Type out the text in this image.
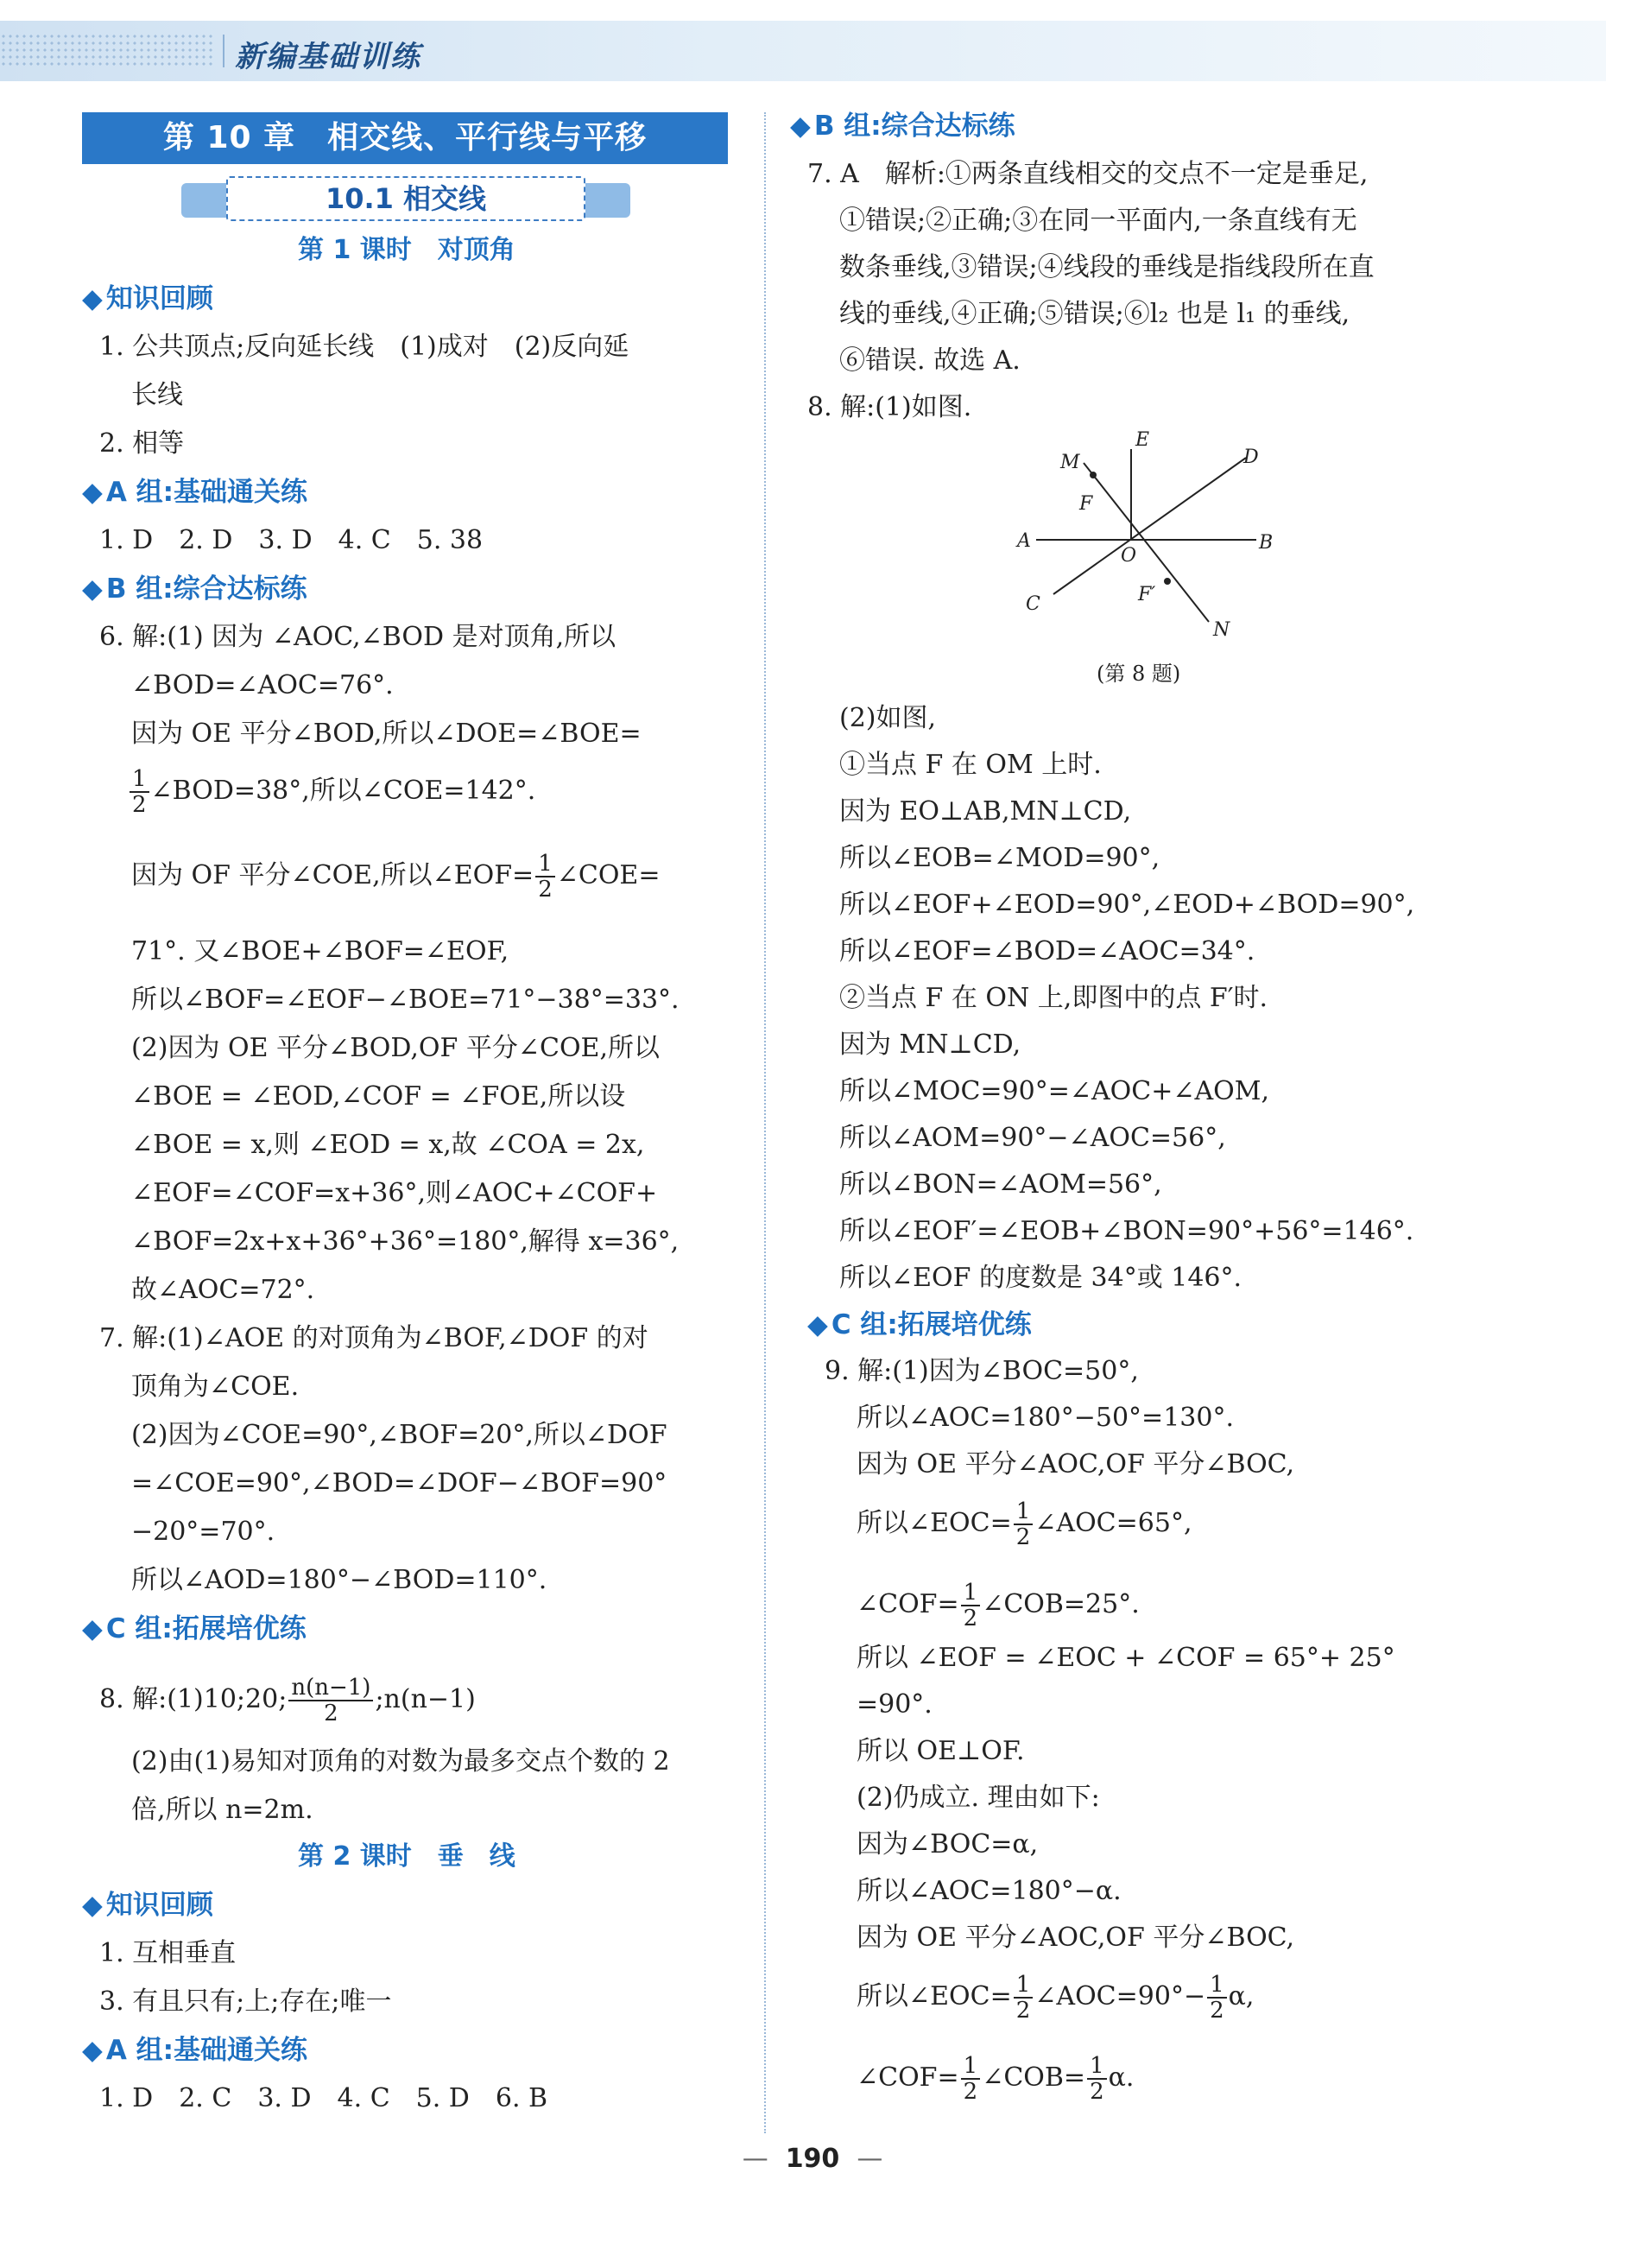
新编基础训练
第 10 章　相交线、平行线与平移
10.1 相交线
第 1 课时　对顶角
◆ 知识回顾
1. 公共顶点;反向延长线　(1)成对　(2)反向延
长线
2. 相等
◆ A 组:基础通关练
1. D　2. D　3. D　4. C　5. 38
◆ B 组:综合达标练
6. 解:(1) 因为 ∠AOC,∠BOD 是对顶角,所以
∠BOD=∠AOC=76°.
因为 OE 平分∠BOD,所以∠DOE=∠BOE=
$\frac{1}{2}$ ∠BOD=38°,所以∠COE=142°.
因为 OF 平分∠COE,所以∠EOF= $\frac{1}{2}$ ∠COE=
71°. 又∠BOE+∠BOF=∠EOF,
所以∠BOF=∠EOF−∠BOE=71°−38°=33°.
(2)因为 OE 平分∠BOD,OF 平分∠COE,所以
∠BOE = ∠EOD,∠COF = ∠FOE,所以设
∠BOE = x,则 ∠EOD = x,故 ∠COA = 2x,
∠EOF=∠COF=x+36°,则∠AOC+∠COF+
∠BOF=2x+x+36°+36°=180°,解得 x=36°,
故∠AOC=72°.
7. 解:(1)∠AOE 的对顶角为∠BOF,∠DOF 的对
顶角为∠COE.
(2)因为∠COE=90°,∠BOF=20°,所以∠DOF
=∠COE=90°,∠BOD=∠DOF−∠BOF=90°
−20°=70°.
所以∠AOD=180°−∠BOD=110°.
◆ C 组:拓展培优练
8. 解:(1)10;20; $\frac{n(n-1)}{2}$ ;n(n−1)
(2)由(1)易知对顶角的对数为最多交点个数的 2
倍,所以 n=2m.
第 2 课时　垂　线
◆ 知识回顾
1. 互相垂直
3. 有且只有;上;存在;唯一
◆ A 组:基础通关练
1. D　2. C　3. D　4. C　5. D　6. B
◆ B 组:综合达标练
7. A　解析:①两条直线相交的交点不一定是垂足,
①错误;②正确;③在同一平面内,一条直线有无
数条垂线,③错误;④线段的垂线是指线段所在直
线的垂线,④正确;⑤错误;⑥l₂ 也是 l₁ 的垂线,
⑥错误. 故选 A.
8. 解:(1)如图.
E
D
M
F
A
O
B
C	F′
N
(第 8 题)
(2)如图,
①当点 F 在 OM 上时.
因为 EO⊥AB,MN⊥CD,
所以∠EOB=∠MOD=90°,
所以∠EOF+∠EOD=90°,∠EOD+∠BOD=90°,
所以∠EOF=∠BOD=∠AOC=34°.
②当点 F 在 ON 上,即图中的点 F′时.
因为 MN⊥CD,
所以∠MOC=90°=∠AOC+∠AOM,
所以∠AOM=90°−∠AOC=56°,
所以∠BON=∠AOM=56°,
所以∠EOF′=∠EOB+∠BON=90°+56°=146°.
所以∠EOF 的度数是 34°或 146°.
◆ C 组:拓展培优练
9. 解:(1)因为∠BOC=50°,
所以∠AOC=180°−50°=130°.
因为 OE 平分∠AOC,OF 平分∠BOC,
所以∠EOC= $\frac{1}{2}$ ∠AOC=65°,
∠COF= $\frac{1}{2}$ ∠COB=25°.
所以 ∠EOF = ∠EOC + ∠COF = 65°+ 25°
=90°.
所以 OE⊥OF.
(2)仍成立. 理由如下:
因为∠BOC=α,
所以∠AOC=180°−α.
因为 OE 平分∠AOC,OF 平分∠BOC,
所以∠EOC= $\frac{1}{2}$ ∠AOC=90°− $\frac{1}{2} \alpha$,
∠COF= $\frac{1}{2}$ ∠COB= $\frac{1}{2} \alpha$.
— 190 —
